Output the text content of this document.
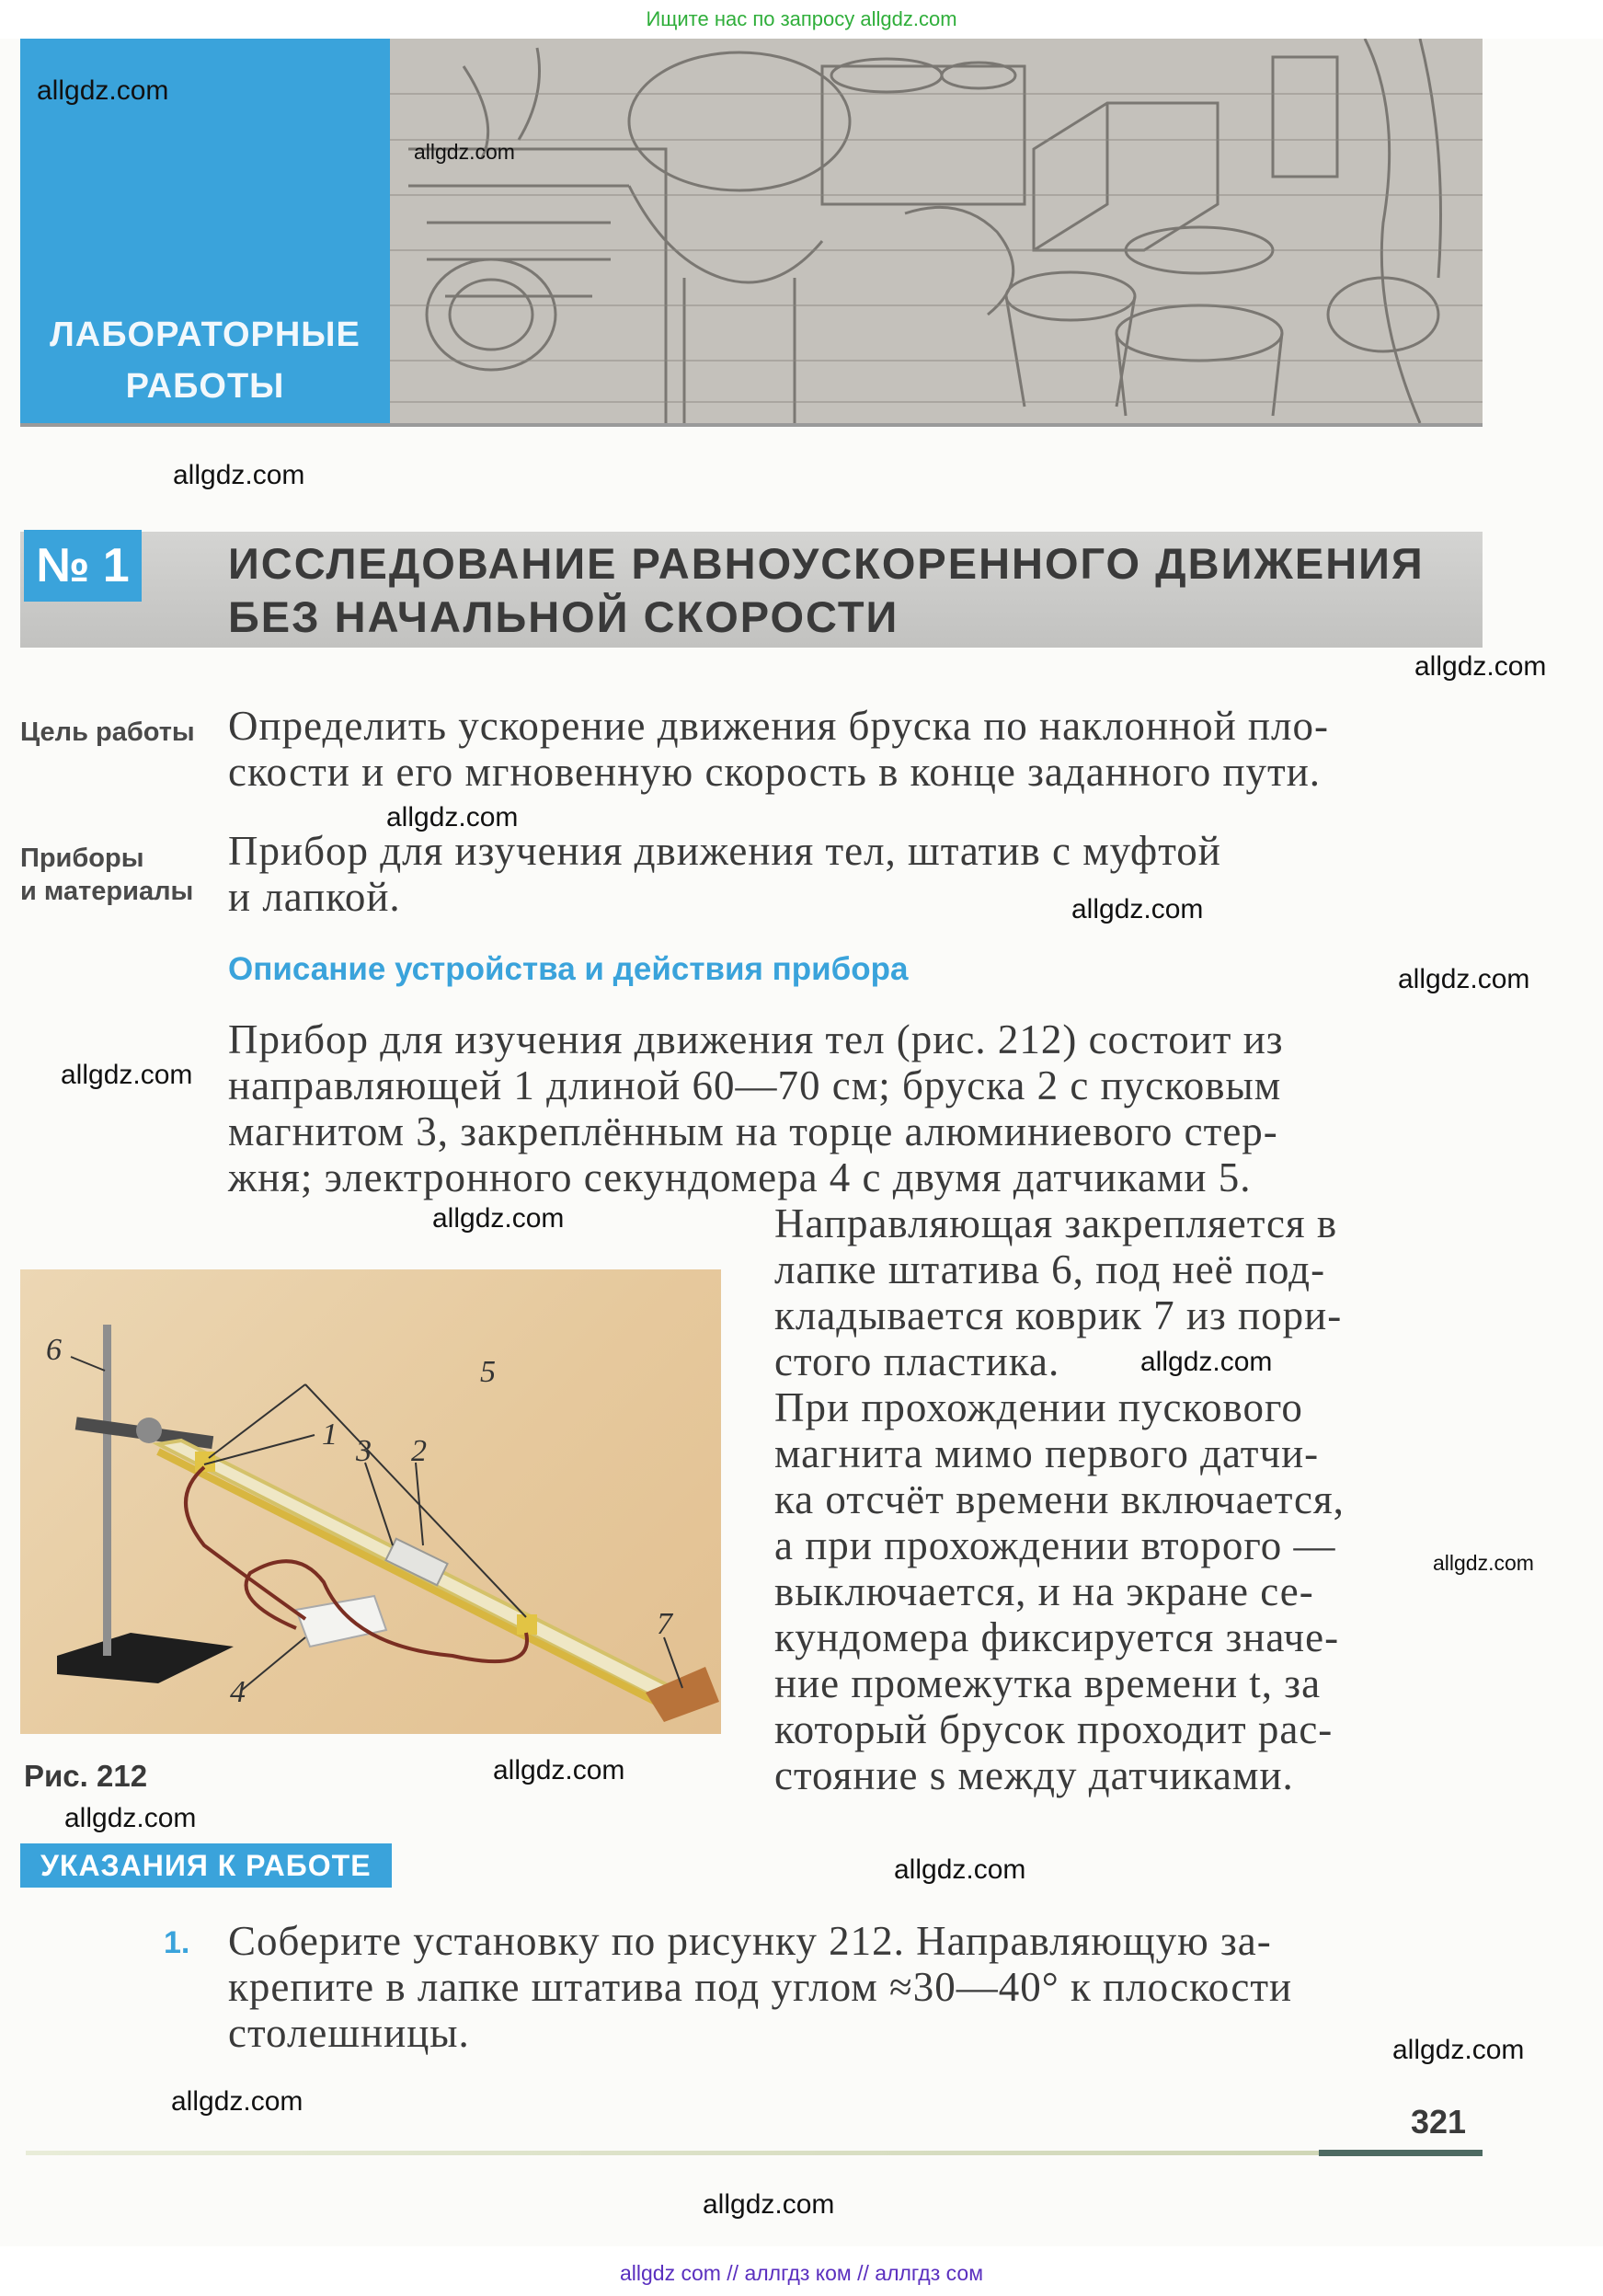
Ищите нас по запросу allgdz.com
ЛАБОРАТОРНЫЕ
РАБОТЫ
№ 1 ИССЛЕДОВАНИЕ РАВНОУСКОРЕННОГО ДВИЖЕНИЯ
БЕЗ НАЧАЛЬНОЙ СКОРОСТИ
Цель работы Определить ускорение движения бруска по наклонной пло-
скости и его мгновенную скорость в конце заданного пути.
Приборы
и материалы
Прибор для изучения движения тел, штатив с муфтой
и лапкой.
Описание устройства и действия прибора
Прибор для изучения движения тел (рис. 212) состоит из
направляющей 1 длиной 60—70 см; бруска 2 с пусковым
магнитом 3, закреплённым на торце алюминиевого стер-
жня; электронного секундомера 4 с двумя датчиками 5.
Направляющая закрепляется в
лапке штатива 6, под неё под-
кладывается коврик 7 из пори-
стого пластика.
При прохождении пускового
магнита мимо первого датчи-
ка отсчёт времени включается,
а при прохождении второго —
выключается, и на экране се-
кундомера фиксируется значе-
ние промежутка времени t, за
который брусок проходит рас-
стояние s между датчиками.
6
5
1 3 2
4
7
Рис. 212
УКАЗАНИЯ К РАБОТЕ
1. Соберите установку по рисунку 212. Направляющую за-
крепите в лапке штатива под углом ≈30—40° к плоскости
столешницы.
321
allgdz.com
allgdz.com
allgdz.com
allgdz.com
allgdz.com
allgdz.com
allgdz.com
allgdz.com
allgdz.com
allgdz.com
allgdz.com
allgdz.com
allgdz.com
allgdz.com
allgdz.com
allgdz.com
allgdz.com
allgdz com // аллгдз ком // аллгдз сом
